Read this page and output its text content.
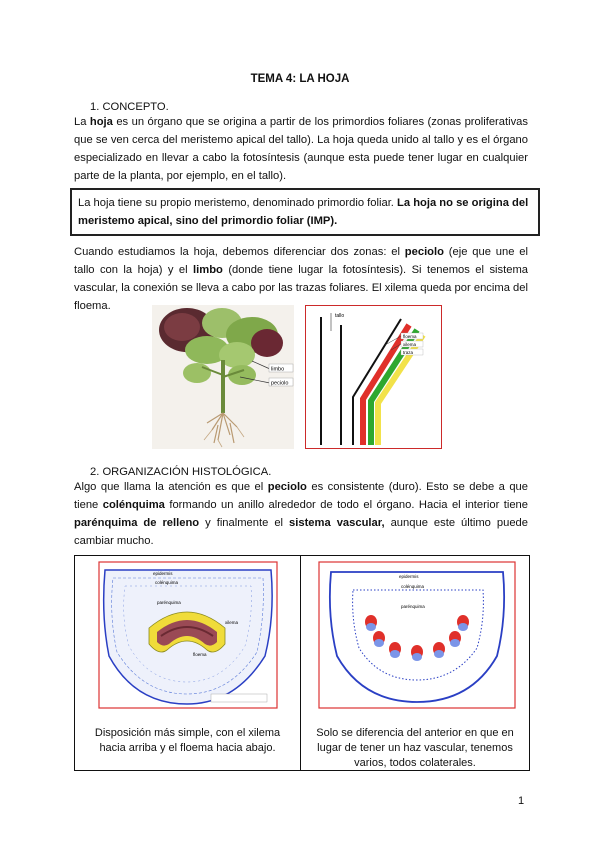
TEMA 4: LA HOJA
1. CONCEPTO.
La hoja es un órgano que se origina a partir de los primordios foliares (zonas proliferativas que se ven cerca del meristemo apical del tallo). La hoja queda unido al tallo y es el órgano especializado en llevar a cabo la fotosíntesis (aunque esta puede tener lugar en cualquier parte de la planta, por ejemplo, en el tallo).
La hoja tiene su propio meristemo, denominado primordio foliar. La hoja no se origina del meristemo apical, sino del primordio foliar (IMP).
Cuando estudiamos la hoja, debemos diferenciar dos zonas: el peciolo (eje que une el tallo con la hoja) y el limbo (donde tiene lugar la fotosíntesis). Si tenemos el sistema vascular, la conexión se lleva a cabo por las trazas foliares. El xilema queda por encima del floema.
limbo
peciolo
tallo
floema
xilema
traza
2. ORGANIZACIÓN HISTOLÓGICA.
Algo que llama la atención es que el peciolo es consistente (duro). Esto se debe a que tiene colénquima formando un anillo alrededor de todo el órgano. Hacia el interior tiene parénquima de relleno y finalmente el sistema vascular, aunque este último puede cambiar mucho.
epidermis
colénquima
parénquima
xilema
floema
Disposición más simple, con el xilema hacia arriba y el floema hacia abajo.
epidermis
colénquima
parénquima
Solo se diferencia del anterior en que en lugar de tener un haz vascular, tenemos varios, todos colaterales.
1
